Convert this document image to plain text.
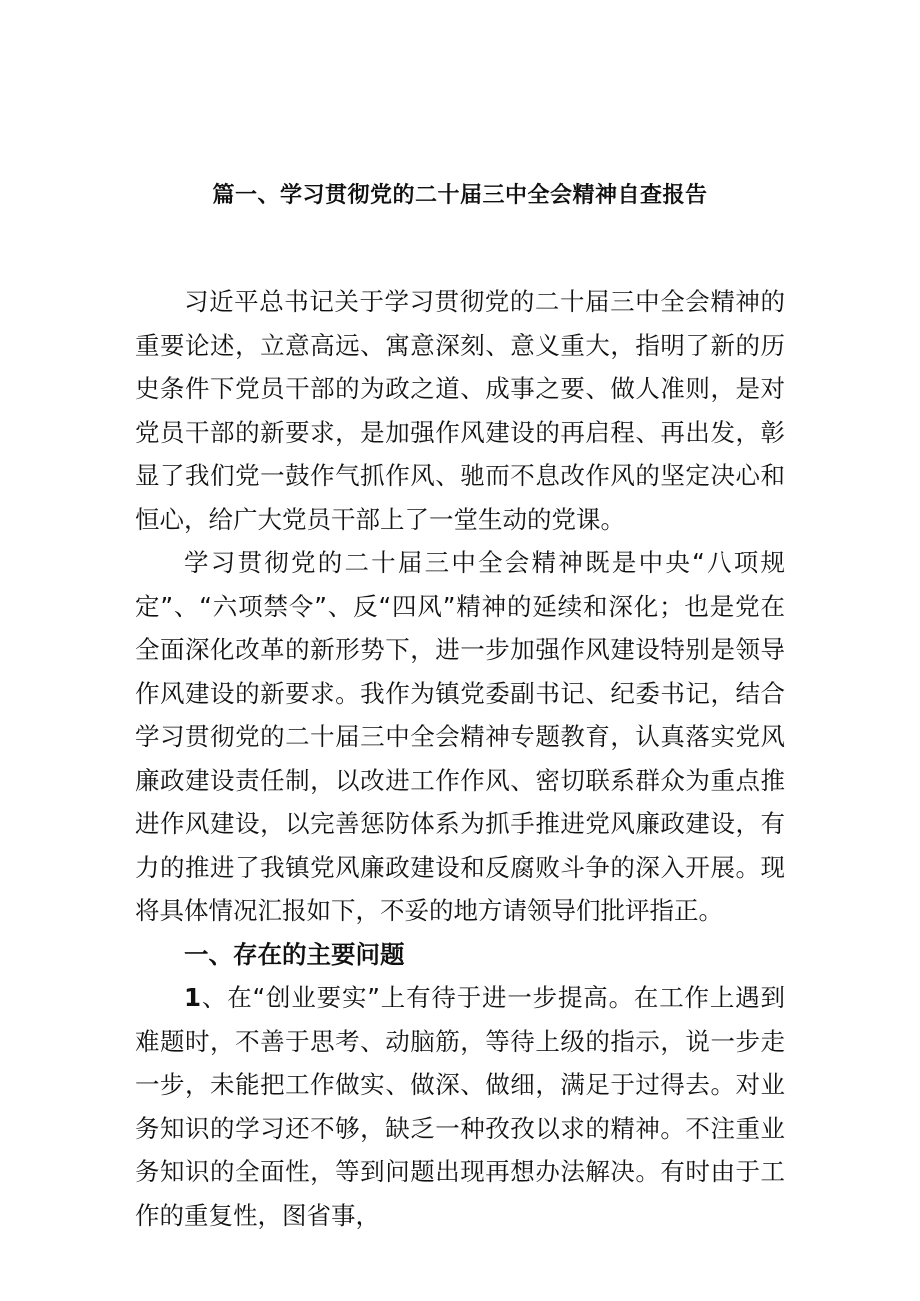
篇一、学习贯彻党的二十届三中全会精神自查报告

习近平总书记关于学习贯彻党的二十届三中全会精神的重要论述，立意高远、寓意深刻、意义重大，指明了新的历史条件下党员干部的为政之道、成事之要、做人准则，是对党员干部的新要求，是加强作风建设的再启程、再出发，彰显了我们党一鼓作气抓作风、驰而不息改作风的坚定决心和恒心，给广大党员干部上了一堂生动的党课。

学习贯彻党的二十届三中全会精神既是中央“八项规定”、“六项禁令”、反“四风”精神的延续和深化；也是党在全面深化改革的新形势下，进一步加强作风建设特别是领导作风建设的新要求。我作为镇党委副书记、纪委书记，结合学习贯彻党的二十届三中全会精神专题教育，认真落实党风廉政建设责任制，以改进工作作风、密切联系群众为重点推进作风建设，以完善惩防体系为抓手推进党风廉政建设，有力的推进了我镇党风廉政建设和反腐败斗争的深入开展。现将具体情况汇报如下，不妥的地方请领导们批评指正。

一、存在的主要问题

1、在“创业要实”上有待于进一步提高。在工作上遇到难题时，不善于思考、动脑筋，等待上级的指示，说一步走一步，未能把工作做实、做深、做细，满足于过得去。对业务知识的学习还不够，缺乏一种孜孜以求的精神。不注重业务知识的全面性，等到问题出现再想办法解决。有时由于工作的重复性，图省事，
